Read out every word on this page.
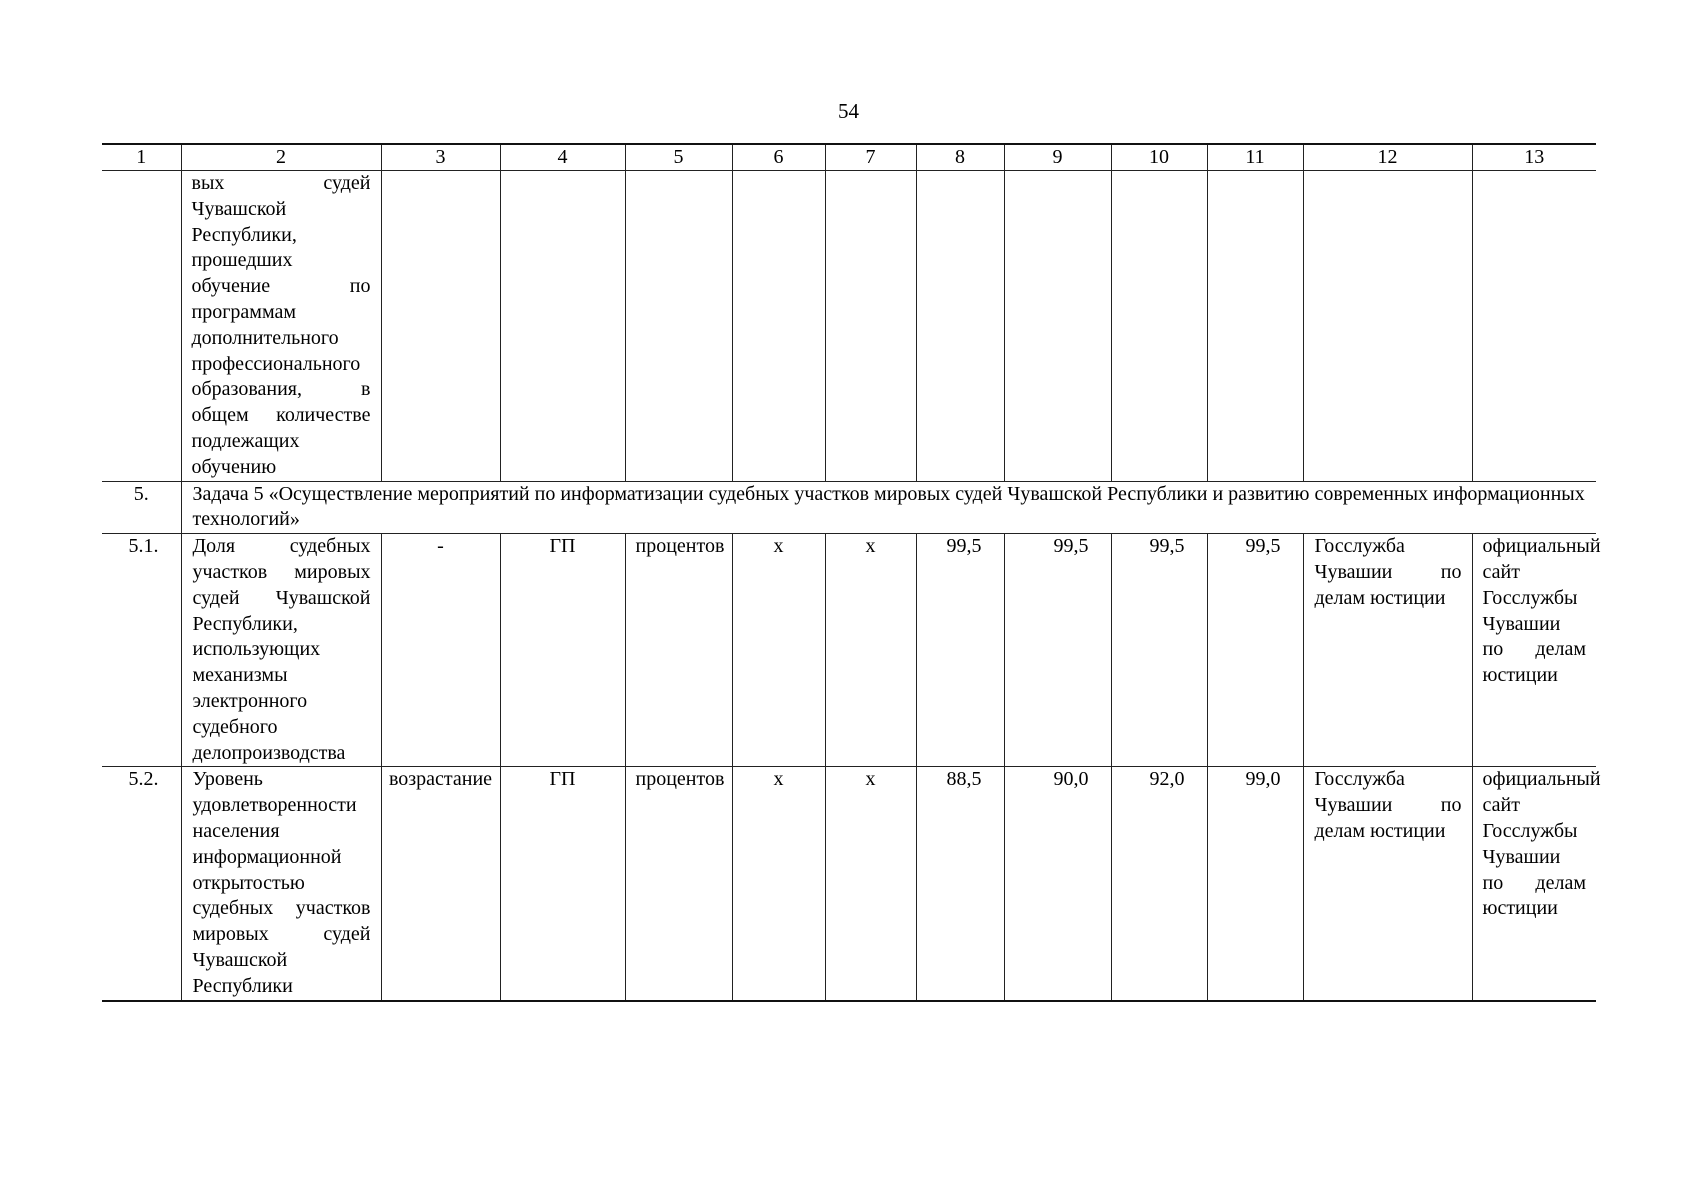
54
1	2	3	4	5	6	7	8	9	10	11	12	13
	вых судей Чувашской Республики, прошедших обучение по программам дополнительного профессионального образования, в общем количестве подлежащих обучению											
5.	Задача 5 «Осуществление мероприятий по информатизации судебных участков мировых судей Чувашской Республики и развитию современных информационных технологий»											
5.1.	Доля судебных участков мировых судей Чувашской Республики, использующих механизмы электронного судебного делопроизводства	-	ГП	процентов	х	х	99,5	99,5	99,5	99,5	Госслужба Чувашии по делам юстиции	официальный сайт Госслужбы Чувашии по делам юстиции
5.2.	Уровень удовлетворенности населения информационной открытостью судебных участков мировых судей Чувашской Республики	возрастание	ГП	процентов	х	х	88,5	90,0	92,0	99,0	Госслужба Чувашии по делам юстиции	официальный сайт Госслужбы Чувашии по делам юстиции
